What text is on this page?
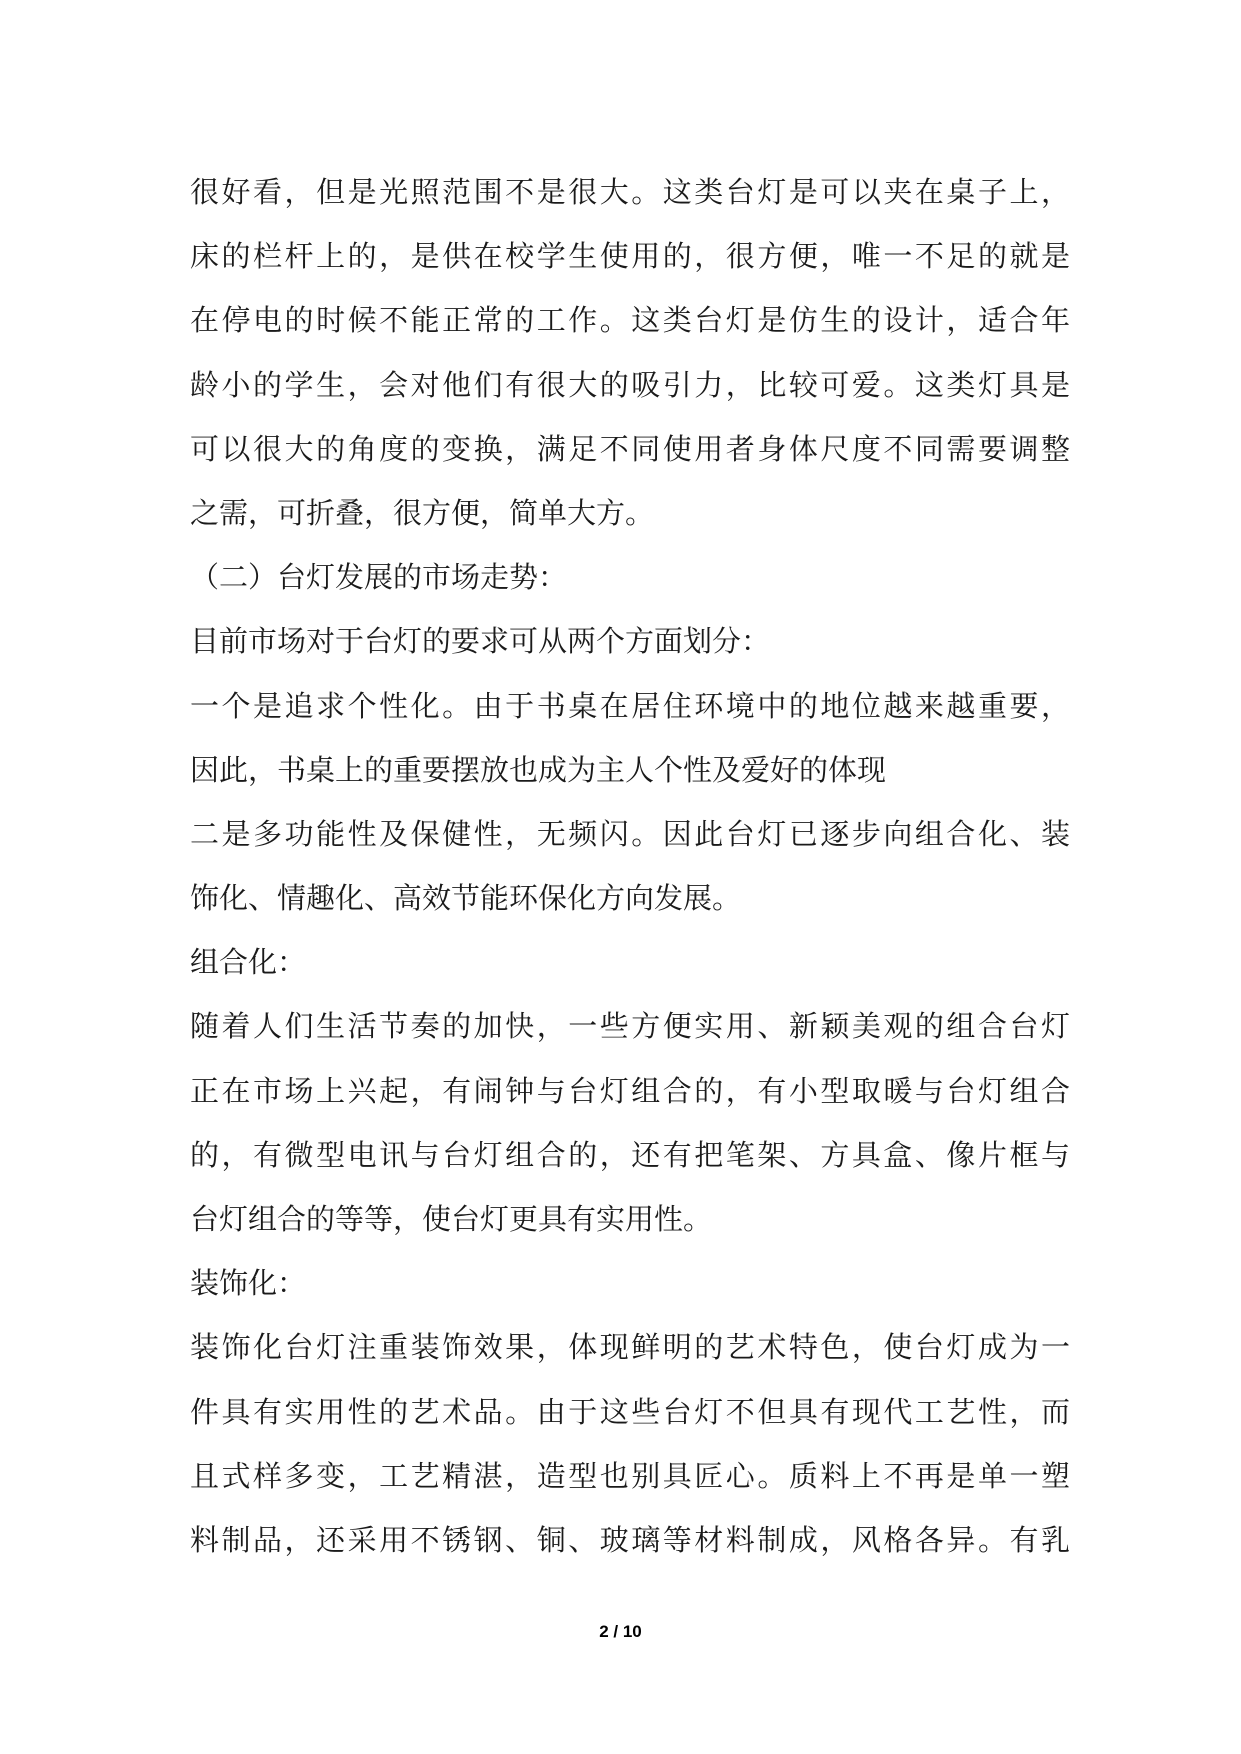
很好看，但是光照范围不是很大。这类台灯是可以夹在桌子上，
床的栏杆上的，是供在校学生使用的，很方便，唯一不足的就是
在停电的时候不能正常的工作。这类台灯是仿生的设计，适合年
龄小的学生，会对他们有很大的吸引力，比较可爱。这类灯具是
可以很大的角度的变换，满足不同使用者身体尺度不同需要调整
之需，可折叠，很方便，简单大方。
（二）台灯发展的市场走势：
目前市场对于台灯的要求可从两个方面划分：
一个是追求个性化。由于书桌在居住环境中的地位越来越重要，
因此，书桌上的重要摆放也成为主人个性及爱好的体现
二是多功能性及保健性，无频闪。因此台灯已逐步向组合化、装
饰化、情趣化、高效节能环保化方向发展。
组合化：
随着人们生活节奏的加快，一些方便实用、新颖美观的组合台灯
正在市场上兴起，有闹钟与台灯组合的，有小型取暖与台灯组合
的，有微型电讯与台灯组合的，还有把笔架、方具盒、像片框与
台灯组合的等等，使台灯更具有实用性。
装饰化：
装饰化台灯注重装饰效果，体现鲜明的艺术特色，使台灯成为一
件具有实用性的艺术品。由于这些台灯不但具有现代工艺性，而
且式样多变，工艺精湛，造型也别具匠心。质料上不再是单一塑
料制品，还采用不锈钢、铜、玻璃等材料制成，风格各异。有乳
2 / 10
